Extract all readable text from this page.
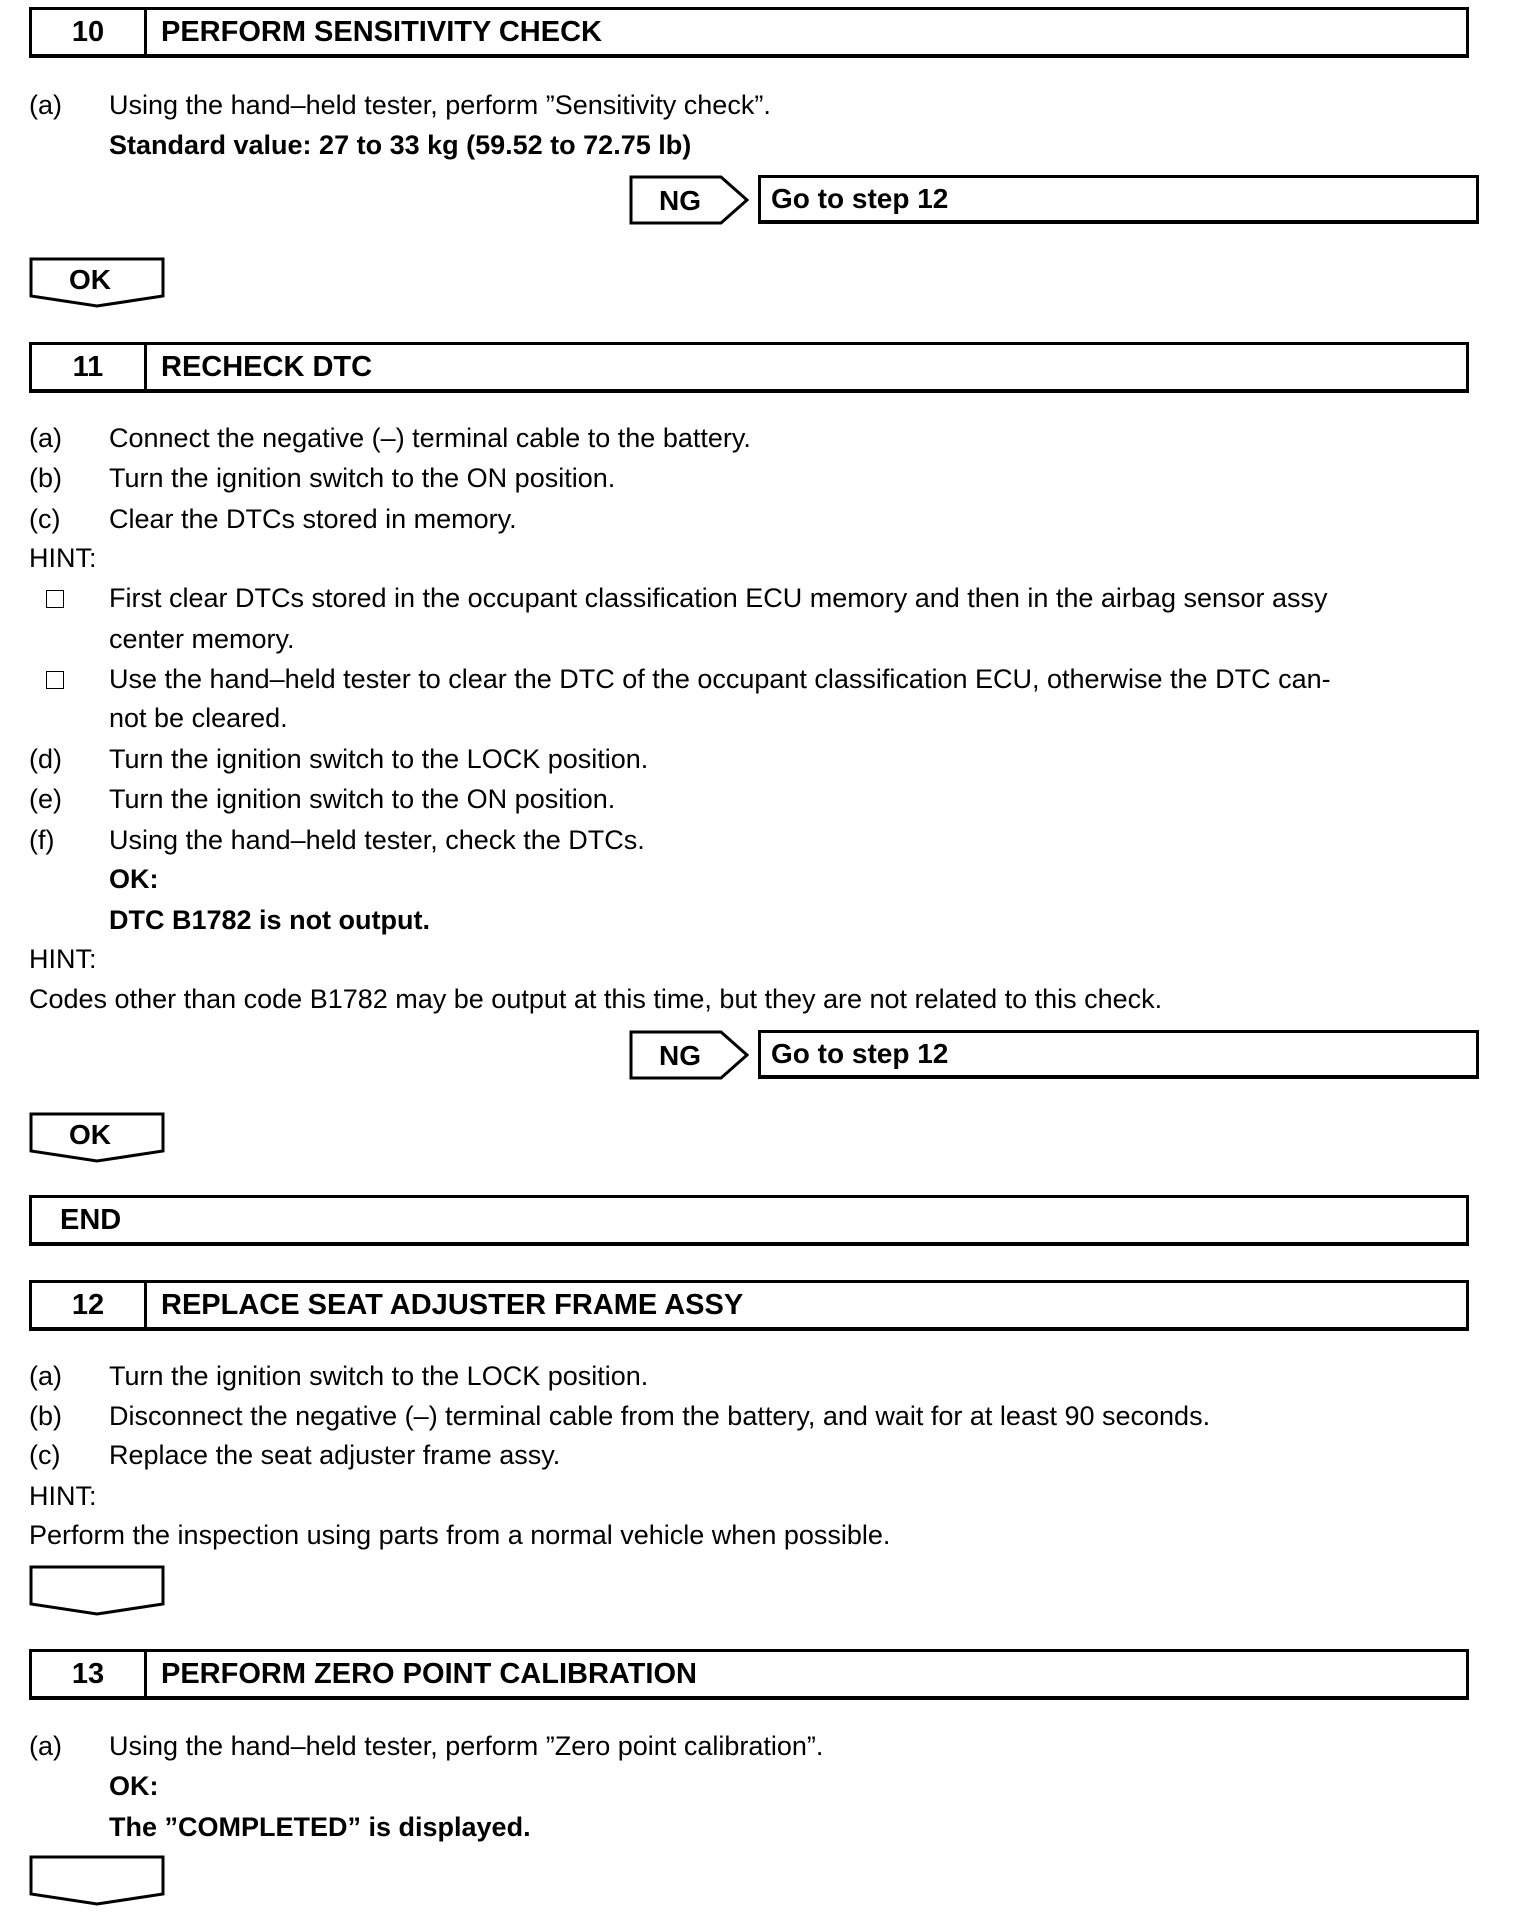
10	PERFORM SENSITIVITY CHECK
(a) Using the hand–held tester, perform ”Sensitivity check”.
Standard value: 27 to 33 kg (59.52 to 72.75 lb)
NG	Go to step 12
OK
11	RECHECK DTC
(a) Connect the negative (–) terminal cable to the battery.
(b) Turn the ignition switch to the ON position.
(c) Clear the DTCs stored in memory.
HINT:
First clear DTCs stored in the occupant classification ECU memory and then in the airbag sensor assy
center memory.
Use the hand–held tester to clear the DTC of the occupant classification ECU, otherwise the DTC can-
not be cleared.
(d) Turn the ignition switch to the LOCK position.
(e) Turn the ignition switch to the ON position.
(f) Using the hand–held tester, check the DTCs.
OK:
DTC B1782 is not output.
HINT:
Codes other than code B1782 may be output at this time, but they are not related to this check.
NG	Go to step 12
OK
END
12	REPLACE SEAT ADJUSTER FRAME ASSY
(a) Turn the ignition switch to the LOCK position.
(b) Disconnect the negative (–) terminal cable from the battery, and wait for at least 90 seconds.
(c) Replace the seat adjuster frame assy.
HINT:
Perform the inspection using parts from a normal vehicle when possible.
13	PERFORM ZERO POINT CALIBRATION
(a) Using the hand–held tester, perform ”Zero point calibration”.
OK:
The ”COMPLETED” is displayed.
